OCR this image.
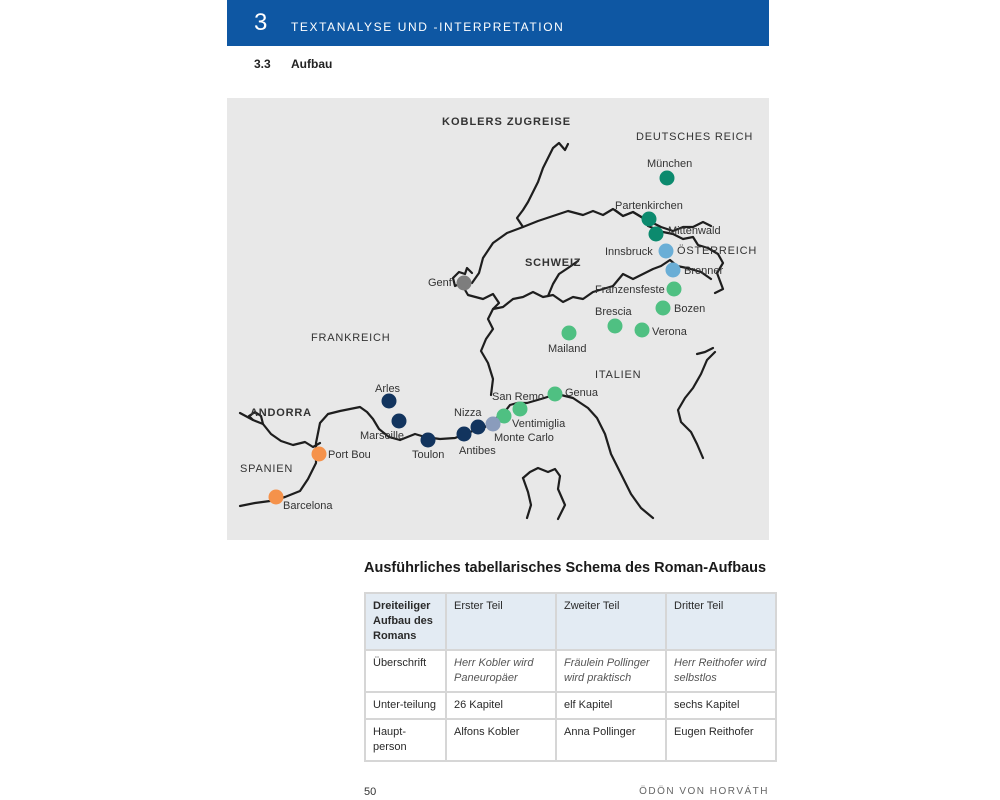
3 TEXTANALYSE UND -INTERPRETATION
3.3 Aufbau
KOBLERS ZUGREISE
DEUTSCHES REICH
ÖSTERREICH
SCHWEIZ
FRANKREICH
ITALIEN
ANDORRA
SPANIEN
München
Partenkirchen
Mittenwald
Innsbruck
Brenner
Franzensfeste
Bozen
Brescia
Verona
Mailand
Genua
San Remo
Ventimiglia
Monte Carlo
Nizza
Antibes
Toulon
Marseille
Arles
Port Bou
Barcelona
Genf
Ausführliches tabellarisches Schema des Roman-Aufbaus
Dreiteiliger Aufbau des Romans	Erster Teil	Zweiter Teil	Dritter Teil
Überschrift	Herr Kobler wird Paneuropäer	Fräulein Pollinger wird praktisch	Herr Reithofer wird selbstlos
Unter-teilung	26 Kapitel	elf Kapitel	sechs Kapitel
Haupt-person	Alfons Kobler	Anna Pollinger	Eugen Reithofer
50	ÖDÖN VON HORVÁTH
